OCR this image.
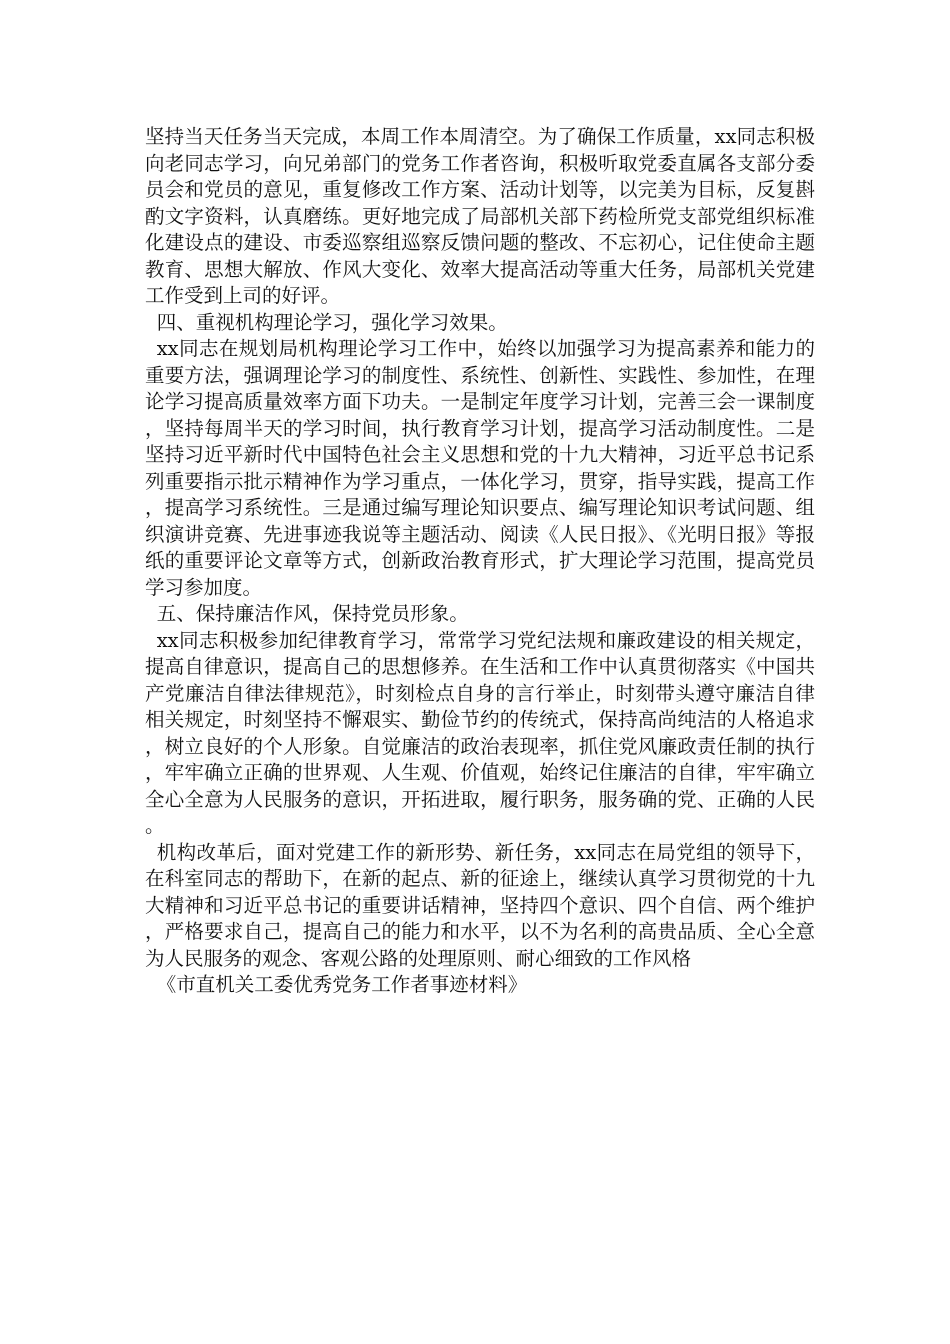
坚持当天任务当天完成，本周工作本周清空。为了确保工作质量，xx同志积极向老同志学习，向兄弟部门的党务工作者咨询，积极听取党委直属各支部分委员会和党员的意见，重复修改工作方案、活动计划等，以完美为目标，反复斟酌文字资料，认真磨练。更好地完成了局部机关部下药检所党支部党组织标准化建设点的建设、市委巡察组巡察反馈问题的整改、不忘初心，记住使命主题教育、思想大解放、作风大变化、效率大提高活动等重大任务，局部机关党建工作受到上司的好评。

四、重视机构理论学习，强化学习效果。

xx同志在规划局机构理论学习工作中，始终以加强学习为提高素养和能力的重要方法，强调理论学习的制度性、系统性、创新性、实践性、参加性，在理论学习提高质量效率方面下功夫。一是制定年度学习计划，完善三会一课制度，坚持每周半天的学习时间，执行教育学习计划，提高学习活动制度性。二是坚持习近平新时代中国特色社会主义思想和党的十九大精神，习近平总书记系列重要指示批示精神作为学习重点，一体化学习，贯穿，指导实践，提高工作，提高学习系统性。三是通过编写理论知识要点、编写理论知识考试问题、组织演讲竞赛、先进事迹我说等主题活动、阅读《人民日报》、《光明日报》等报纸的重要评论文章等方式，创新政治教育形式，扩大理论学习范围，提高党员学习参加度。

五、保持廉洁作风，保持党员形象。

xx同志积极参加纪律教育学习，常常学习党纪法规和廉政建设的相关规定，提高自律意识，提高自己的思想修养。在生活和工作中认真贯彻落实《中国共产党廉洁自律法律规范》，时刻检点自身的言行举止，时刻带头遵守廉洁自律相关规定，时刻坚持不懈艰实、勤俭节约的传统式，保持高尚纯洁的人格追求，树立良好的个人形象。自觉廉洁的政治表现率，抓住党风廉政责任制的执行，牢牢确立正确的世界观、人生观、价值观，始终记住廉洁的自律，牢牢确立全心全意为人民服务的意识，开拓进取，履行职务，服务确的党、正确的人民。

机构改革后，面对党建工作的新形势、新任务，xx同志在局党组的领导下，在科室同志的帮助下，在新的起点、新的征途上，继续认真学习贯彻党的十九大精神和习近平总书记的重要讲话精神，坚持四个意识、四个自信、两个维护，严格要求自己，提高自己的能力和水平，以不为名利的高贵品质、全心全意为人民服务的观念、客观公路的处理原则、耐心细致的工作风格

《市直机关工委优秀党务工作者事迹材料》
